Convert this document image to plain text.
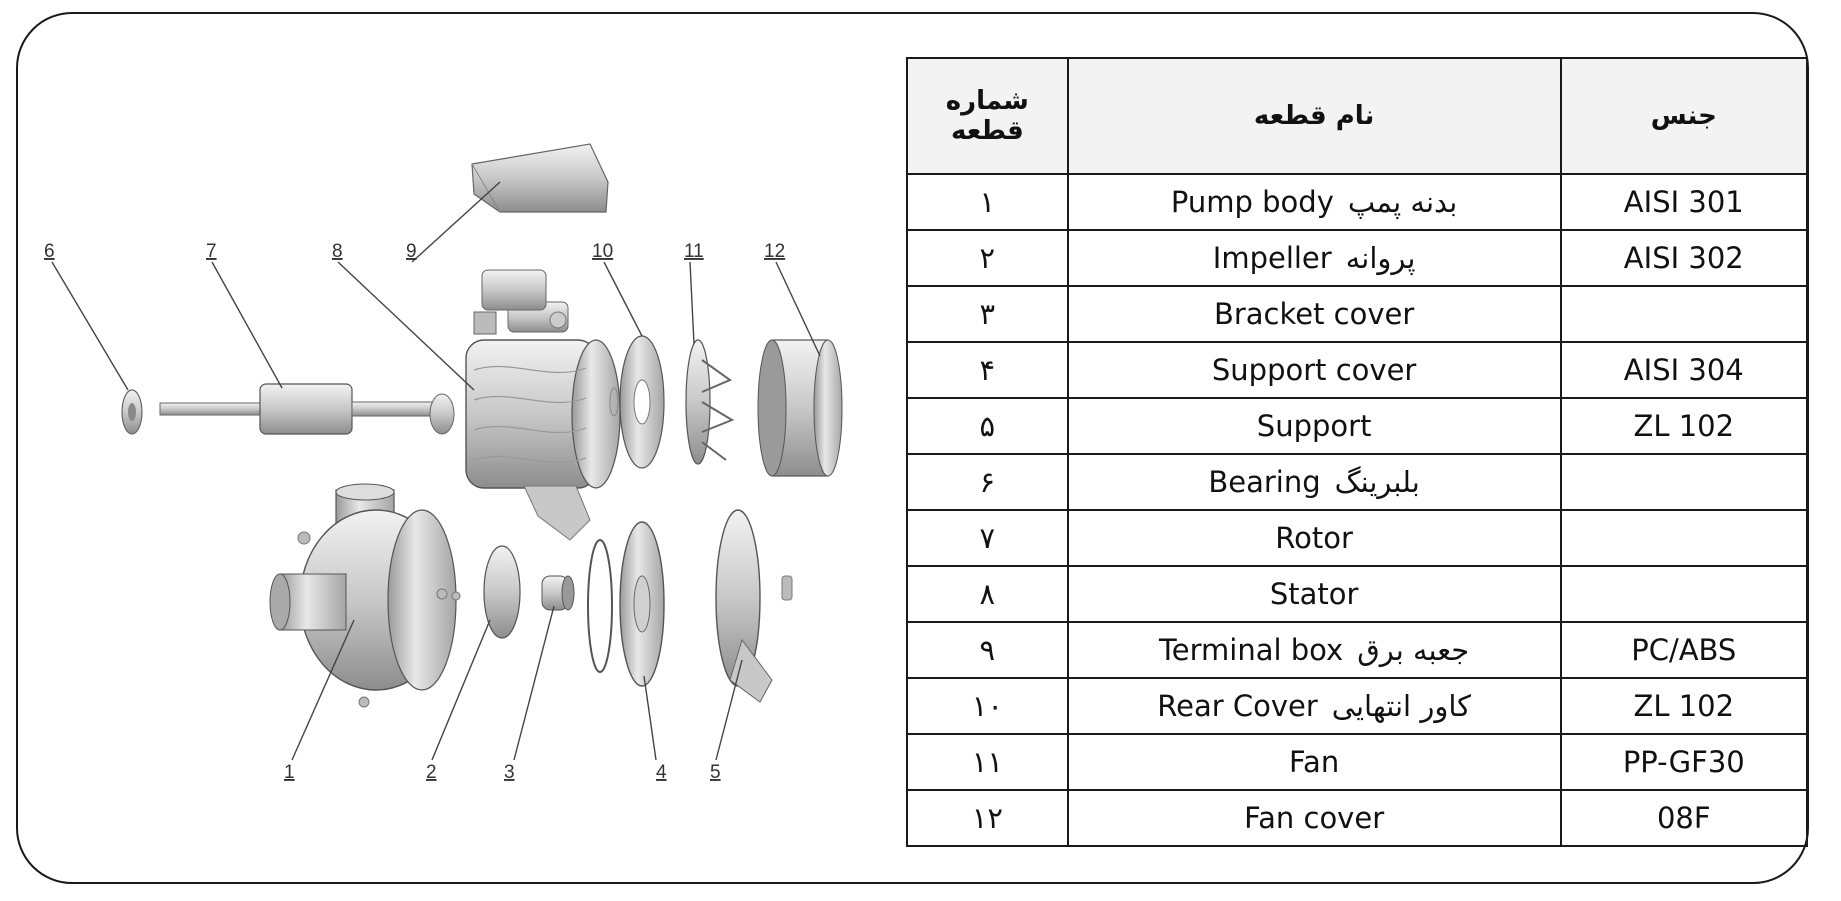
6	7	8	9	10	11	12
1	2	3	4 5
شماره قطعه	نام قطعه	جنس
۱	Pump body بدنه پمپ	AISI 301
۲	Impeller پروانه	AISI 302
۳	Bracket cover	
۴	Support cover	AISI 304
۵	Support	ZL 102
۶	Bearing بلبرینگ	
۷	Rotor	
۸	Stator	
۹	Terminal box جعبه برق	PC/ABS
۱۰	Rear Cover کاور انتهایی	ZL 102
۱۱	Fan	PP-GF30
۱۲	Fan cover	08F
